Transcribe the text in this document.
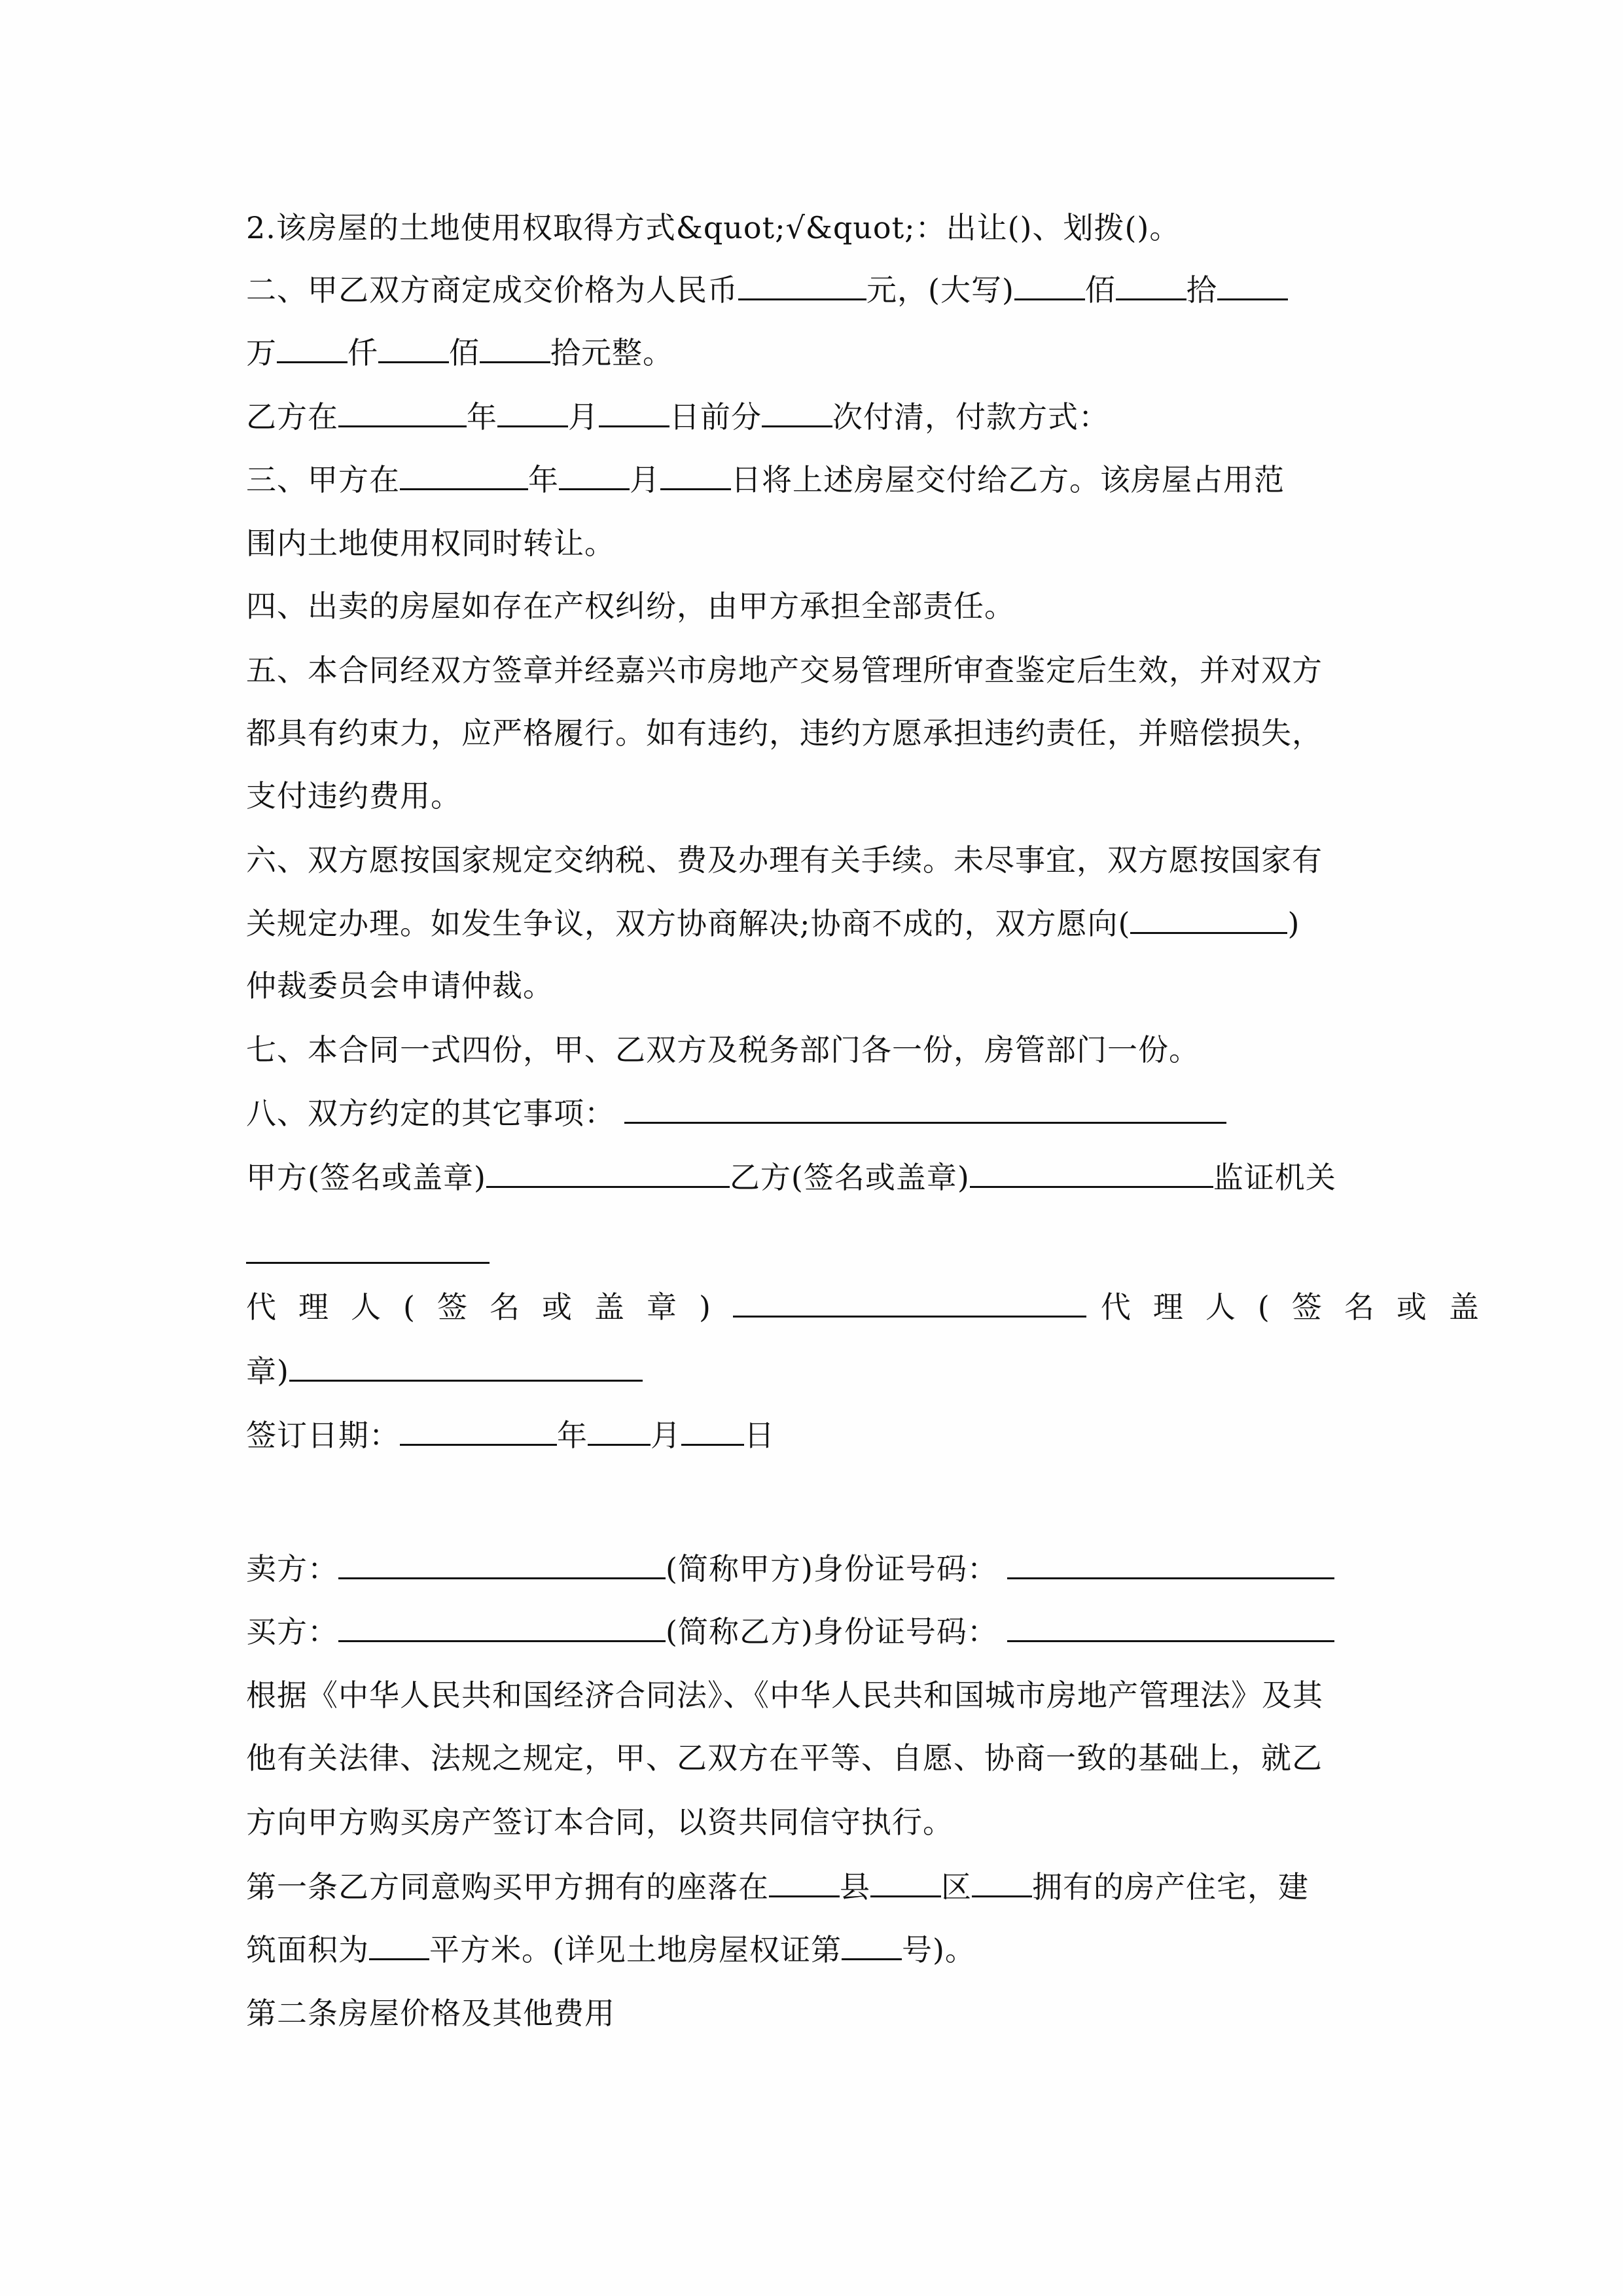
2.该房屋的土地使用权取得方式&quot;√&quot;：出让()、划拨()。
二、甲乙双方商定成交价格为人民币	元，(大写) 佰 拾
万 仟 佰 拾元整。
乙方在	年 月 日前分 次付清，付款方式：
三、甲方在	年 月 日将上述房屋交付给乙方。该房屋占用范
围内土地使用权同时转让。
四、出卖的房屋如存在产权纠纷，由甲方承担全部责任。
五、本合同经双方签章并经嘉兴市房地产交易管理所审查鉴定后生效，并对双方
都具有约束力，应严格履行。如有违约，违约方愿承担违约责任，并赔偿损失，
支付违约费用。
六、双方愿按国家规定交纳税、费及办理有关手续。未尽事宜，双方愿按国家有
关规定办理。如发生争议，双方协商解决;协商不成的，双方愿向(	)
仲裁委员会申请仲裁。
七、本合同一式四份，甲、乙双方及税务部门各一份，房管部门一份。
八、双方约定的其它事项：
甲方(签名或盖章)	乙方(签名或盖章)	监证机关
代理人(签名或盖章)	代理人(签名或盖
章)
签订日期：	年 月 日
卖方：	(简称甲方)身份证号码：
买方：	(简称乙方)身份证号码：
根据《中华人民共和国经济合同法》、《中华人民共和国城市房地产管理法》及其
他有关法律、法规之规定，甲、乙双方在平等、自愿、协商一致的基础上，就乙
方向甲方购买房产签订本合同，以资共同信守执行。
第一条乙方同意购买甲方拥有的座落在 县 区 拥有的房产住宅，建
筑面积为 平方米。(详见土地房屋权证第 号)。
第二条房屋价格及其他费用
